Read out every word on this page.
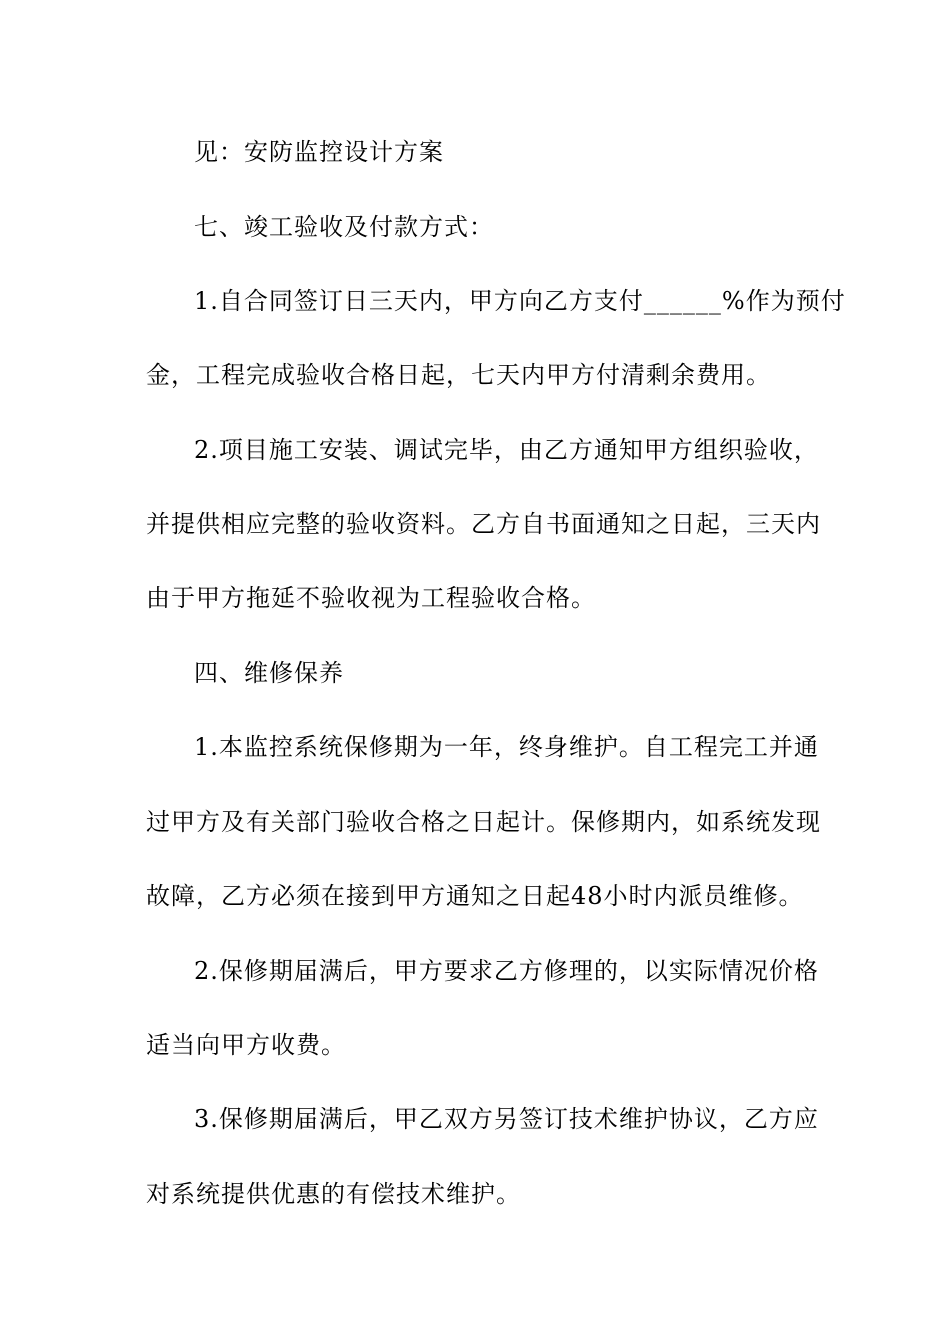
见：安防监控设计方案
七、竣工验收及付款方式：
1.自合同签订日三天内，甲方向乙方支付______%作为预付
金，工程完成验收合格日起，七天内甲方付清剩余费用。
2.项目施工安装、调试完毕，由乙方通知甲方组织验收，
并提供相应完整的验收资料。乙方自书面通知之日起，三天内
由于甲方拖延不验收视为工程验收合格。
四、维修保养
1.本监控系统保修期为一年，终身维护。自工程完工并通
过甲方及有关部门验收合格之日起计。保修期内，如系统发现
故障，乙方必须在接到甲方通知之日起48小时内派员维修。
2.保修期届满后，甲方要求乙方修理的，以实际情况价格
适当向甲方收费。
3.保修期届满后，甲乙双方另签订技术维护协议，乙方应
对系统提供优惠的有偿技术维护。
